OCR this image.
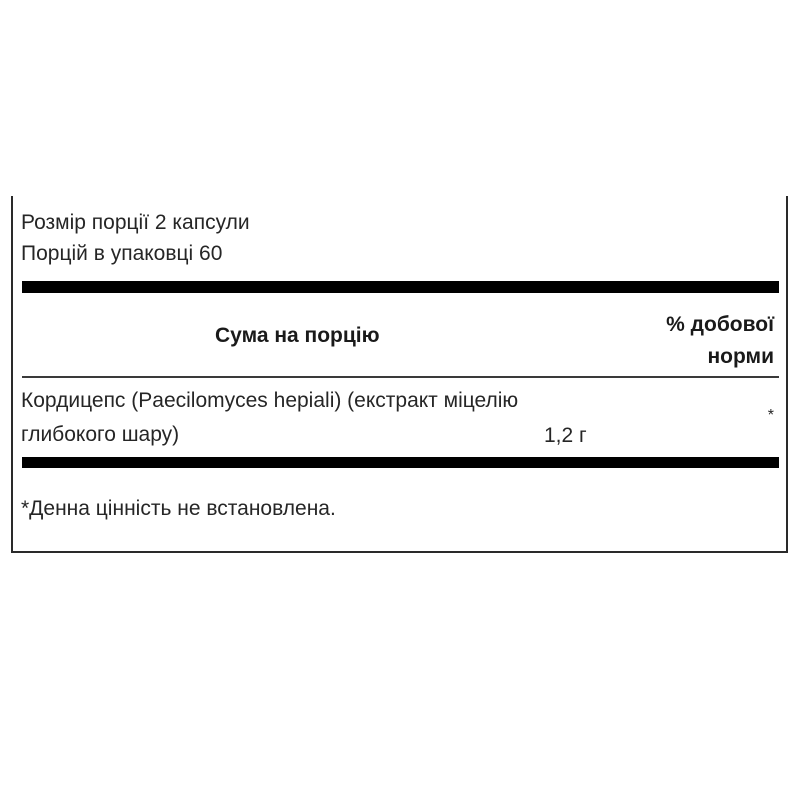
Розмір порції 2 капсули
Порцій в упаковці 60
Сума на порцію	% добової норми
Кордицепс (Paecilomyces hepiali) (екстракт міцелію глибокого шару)	1,2 г
*
*Денна цінність не встановлена.
